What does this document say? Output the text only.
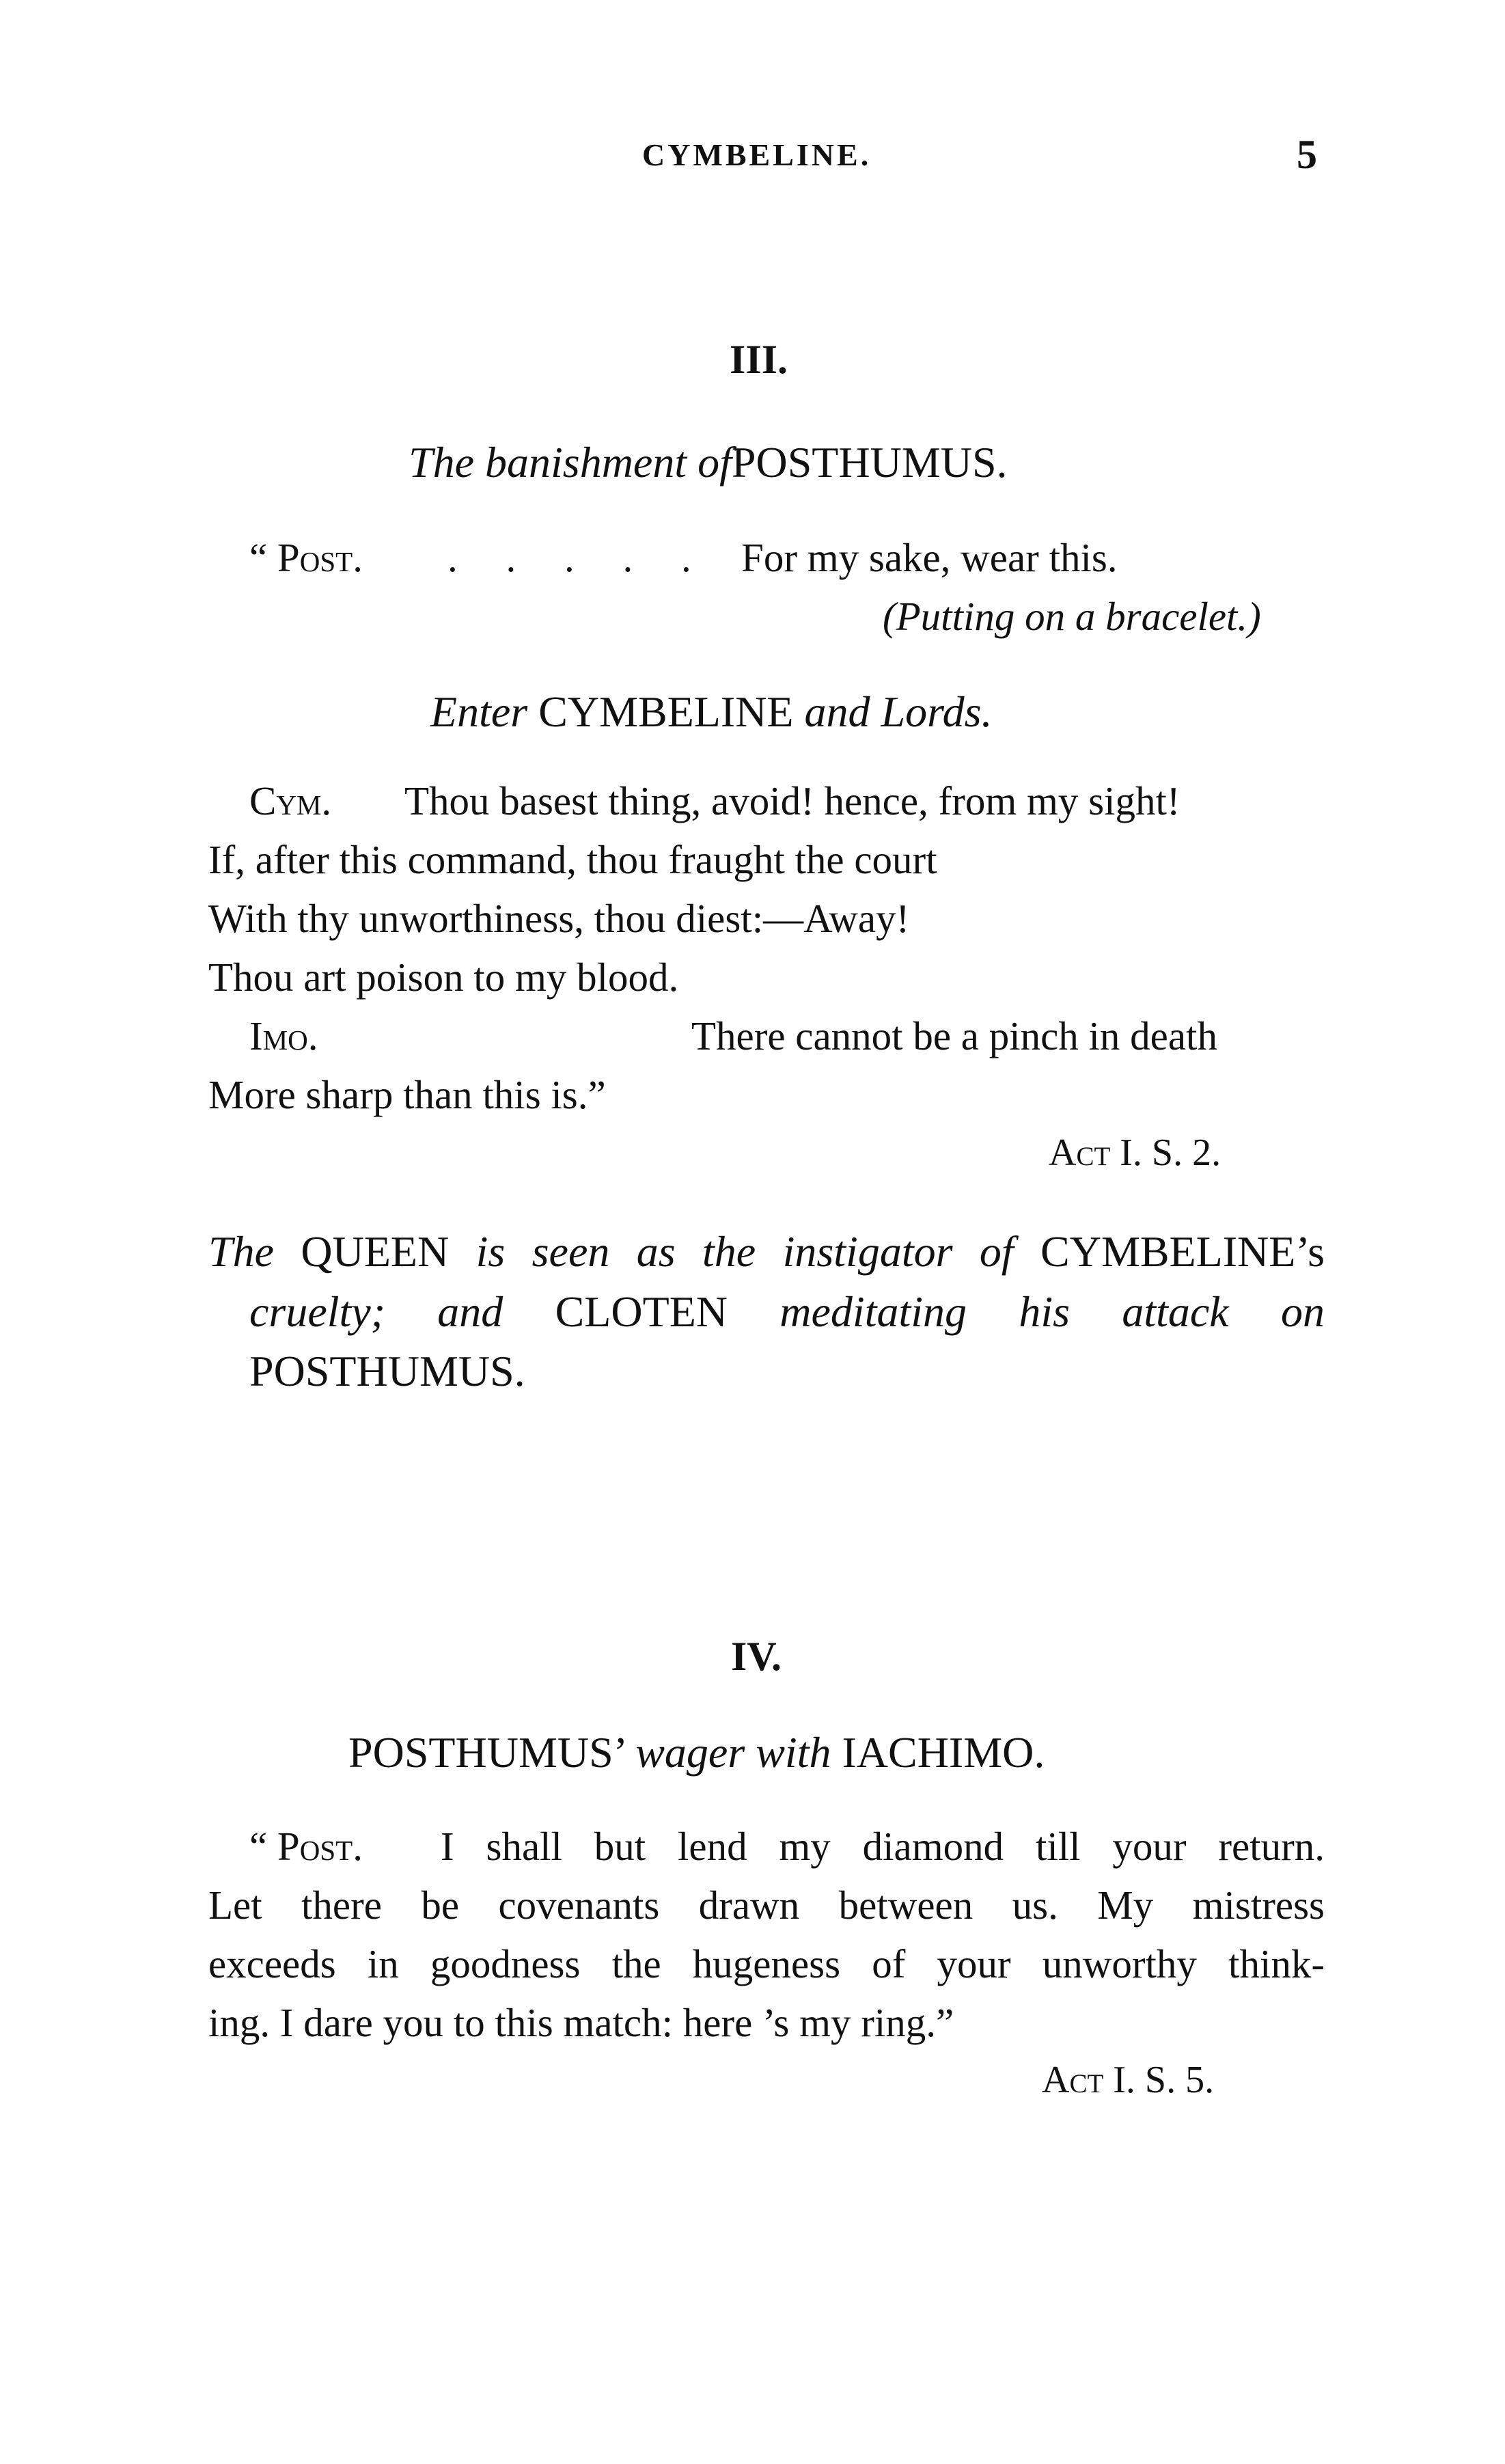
CYMBELINE.	5
III.
The banishment ofPOSTHUMUS.
“ Post. . . . . . For my sake, wear this.
(Putting on a bracelet.)
Enter CYMBELINE and Lords.
Cym. Thou basest thing, avoid! hence, from my sight!
If, after this command, thou fraught the court
With thy unworthiness, thou diest:—Away!
Thou art poison to my blood.
Imo.	There cannot be a pinch in death
More sharp than this is.”
Act I. S. 2.
The QUEEN is seen as the instigator of CYMBELINE’s
cruelty; and CLOTEN meditating his attack on
POSTHUMUS.
IV.
POSTHUMUS’ wager with IACHIMO.
“ Post. I shall but lend my diamond till your return.
Let there be covenants drawn between us. My mistress
exceeds in goodness the hugeness of your unworthy think-
ing. I dare you to this match: here ’s my ring.”
Act I. S. 5.
